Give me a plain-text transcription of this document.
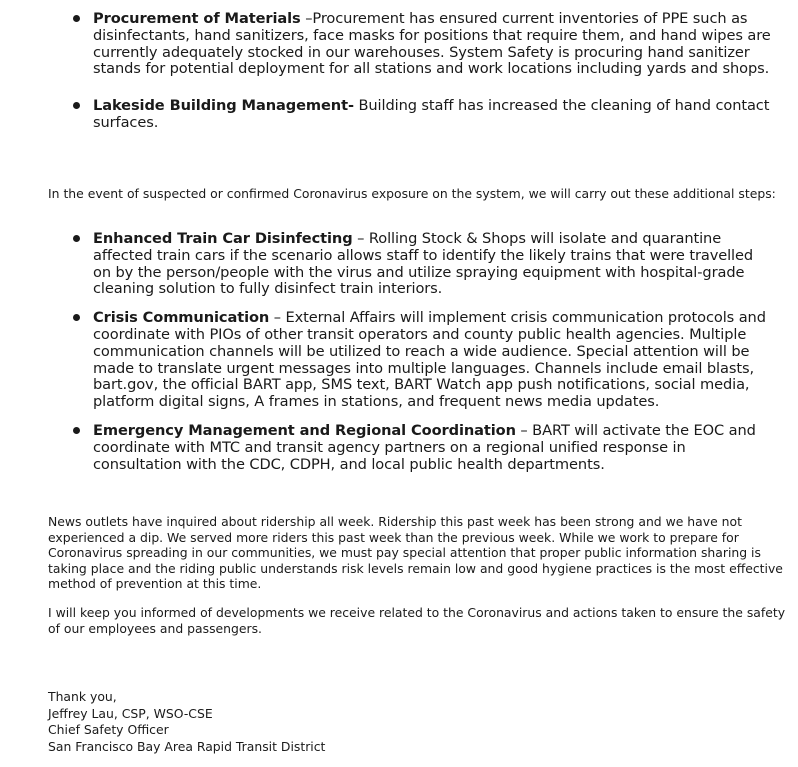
Procurement of Materials –Procurement has ensured current inventories of PPE such as disinfectants, hand sanitizers, face masks for positions that require them, and hand wipes are currently adequately stocked in our warehouses. System Safety is procuring hand sanitizer stands for potential deployment for all stations and work locations including yards and shops.
Lakeside Building Management- Building staff has increased the cleaning of hand contact surfaces.

In the event of suspected or confirmed Coronavirus exposure on the system, we will carry out these additional steps:

Enhanced Train Car Disinfecting – Rolling Stock & Shops will isolate and quarantine affected train cars if the scenario allows staff to identify the likely trains that were travelled on by the person/people with the virus and utilize spraying equipment with hospital-grade cleaning solution to fully disinfect train interiors.
Crisis Communication – External Affairs will implement crisis communication protocols and coordinate with PIOs of other transit operators and county public health agencies. Multiple communication channels will be utilized to reach a wide audience. Special attention will be made to translate urgent messages into multiple languages. Channels include email blasts, bart.gov, the official BART app, SMS text, BART Watch app push notifications, social media, platform digital signs, A frames in stations, and frequent news media updates.
Emergency Management and Regional Coordination – BART will activate the EOC and coordinate with MTC and transit agency partners on a regional unified response in consultation with the CDC, CDPH, and local public health departments.

News outlets have inquired about ridership all week. Ridership this past week has been strong and we have not experienced a dip. We served more riders this past week than the previous week. While we work to prepare for Coronavirus spreading in our communities, we must pay special attention that proper public information sharing is taking place and the riding public understands risk levels remain low and good hygiene practices is the most effective method of prevention at this time.

I will keep you informed of developments we receive related to the Coronavirus and actions taken to ensure the safety of our employees and passengers.

Thank you,
Jeffrey Lau, CSP, WSO-CSE
Chief Safety Officer
San Francisco Bay Area Rapid Transit District
